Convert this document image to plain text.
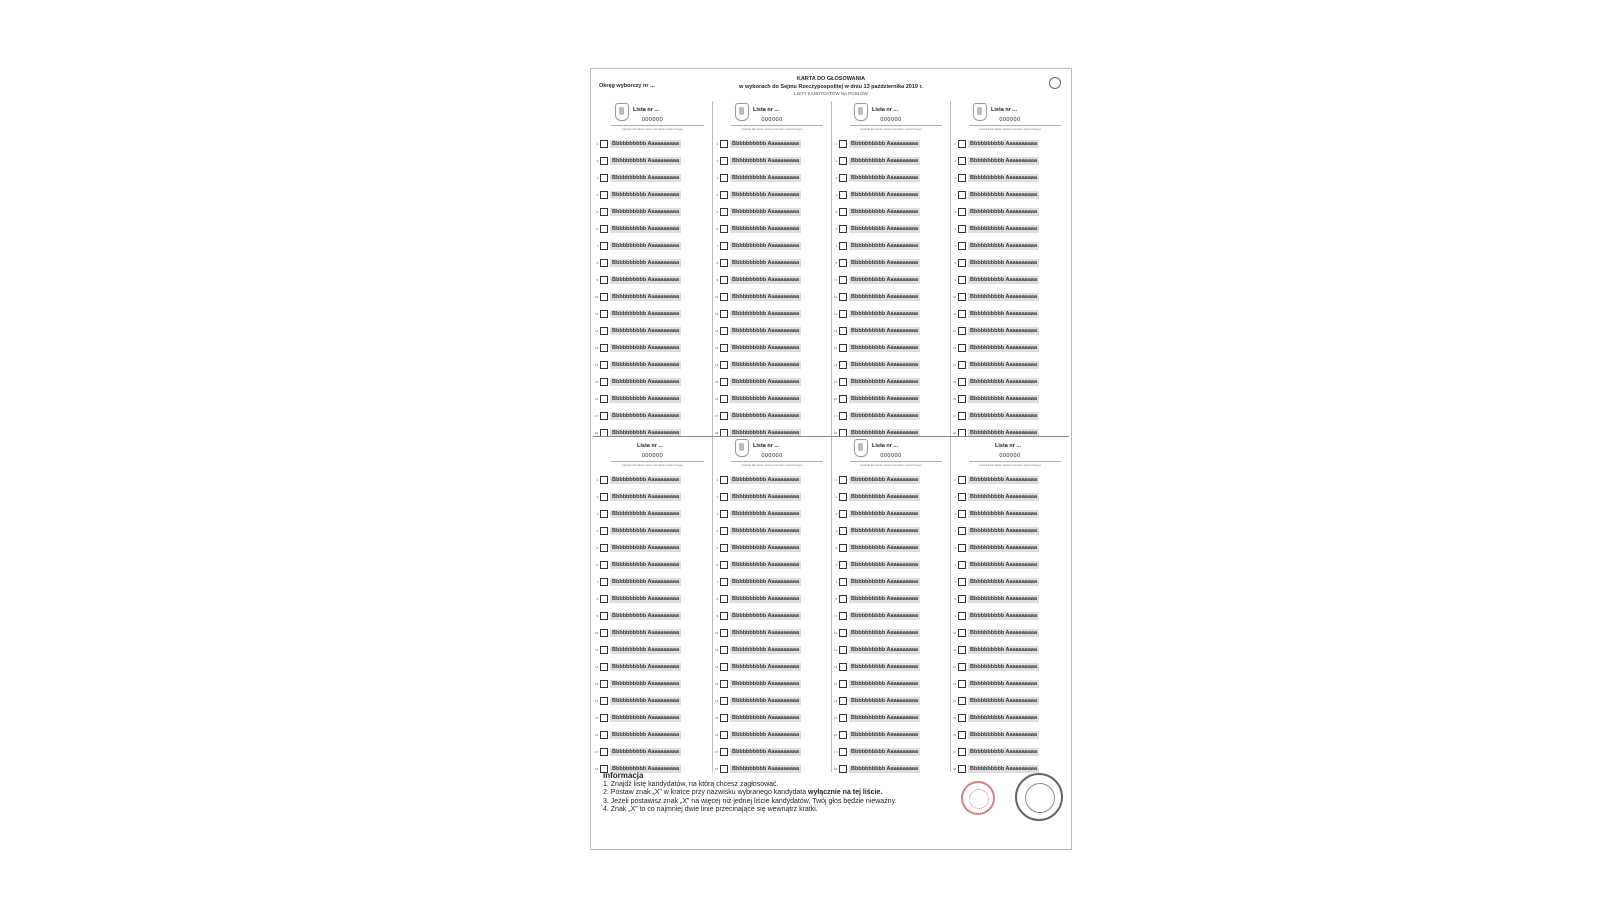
Okręg wyborczy nr ...
KARTA DO GŁOSOWANIA
w wyborach do Sejmu Rzeczypospolitej w dniu 13 października 2019 r.
LISTY KANDYDATÓW NA POSŁÓW
Lista nr ...
000000
(nazwa lub skrót nazwy komitetu wyborczego)
1.	Bbbbbbbbbb Aaaaaaaaaa
2.	Bbbbbbbbbb Aaaaaaaaaa
3.	Bbbbbbbbbb Aaaaaaaaaa
4.	Bbbbbbbbbb Aaaaaaaaaa
5.	Bbbbbbbbbb Aaaaaaaaaa
6.	Bbbbbbbbbb Aaaaaaaaaa
7.	Bbbbbbbbbb Aaaaaaaaaa
8.	Bbbbbbbbbb Aaaaaaaaaa
9.	Bbbbbbbbbb Aaaaaaaaaa
10.	Bbbbbbbbbb Aaaaaaaaaa
11.	Bbbbbbbbbb Aaaaaaaaaa
12.	Bbbbbbbbbb Aaaaaaaaaa
13.	Bbbbbbbbbb Aaaaaaaaaa
14.	Bbbbbbbbbb Aaaaaaaaaa
15.	Bbbbbbbbbb Aaaaaaaaaa
16.	Bbbbbbbbbb Aaaaaaaaaa
17.	Bbbbbbbbbb Aaaaaaaaaa
18.	Bbbbbbbbbb Aaaaaaaaaa
Lista nr ...
000000
(nazwa lub skrót nazwy komitetu wyborczego)
1.	Bbbbbbbbbb Aaaaaaaaaa
2.	Bbbbbbbbbb Aaaaaaaaaa
3.	Bbbbbbbbbb Aaaaaaaaaa
4.	Bbbbbbbbbb Aaaaaaaaaa
5.	Bbbbbbbbbb Aaaaaaaaaa
6.	Bbbbbbbbbb Aaaaaaaaaa
7.	Bbbbbbbbbb Aaaaaaaaaa
8.	Bbbbbbbbbb Aaaaaaaaaa
9.	Bbbbbbbbbb Aaaaaaaaaa
10.	Bbbbbbbbbb Aaaaaaaaaa
11.	Bbbbbbbbbb Aaaaaaaaaa
12.	Bbbbbbbbbb Aaaaaaaaaa
13.	Bbbbbbbbbb Aaaaaaaaaa
14.	Bbbbbbbbbb Aaaaaaaaaa
15.	Bbbbbbbbbb Aaaaaaaaaa
16.	Bbbbbbbbbb Aaaaaaaaaa
17.	Bbbbbbbbbb Aaaaaaaaaa
18.	Bbbbbbbbbb Aaaaaaaaaa
Lista nr ...
000000
(nazwa lub skrót nazwy komitetu wyborczego)
1.	Bbbbbbbbbb Aaaaaaaaaa
2.	Bbbbbbbbbb Aaaaaaaaaa
3.	Bbbbbbbbbb Aaaaaaaaaa
4.	Bbbbbbbbbb Aaaaaaaaaa
5.	Bbbbbbbbbb Aaaaaaaaaa
6.	Bbbbbbbbbb Aaaaaaaaaa
7.	Bbbbbbbbbb Aaaaaaaaaa
8.	Bbbbbbbbbb Aaaaaaaaaa
9.	Bbbbbbbbbb Aaaaaaaaaa
10.	Bbbbbbbbbb Aaaaaaaaaa
11.	Bbbbbbbbbb Aaaaaaaaaa
12.	Bbbbbbbbbb Aaaaaaaaaa
13.	Bbbbbbbbbb Aaaaaaaaaa
14.	Bbbbbbbbbb Aaaaaaaaaa
15.	Bbbbbbbbbb Aaaaaaaaaa
16.	Bbbbbbbbbb Aaaaaaaaaa
17.	Bbbbbbbbbb Aaaaaaaaaa
18.	Bbbbbbbbbb Aaaaaaaaaa
Lista nr ...
000000
(nazwa lub skrót nazwy komitetu wyborczego)
1.	Bbbbbbbbbb Aaaaaaaaaa
2.	Bbbbbbbbbb Aaaaaaaaaa
3.	Bbbbbbbbbb Aaaaaaaaaa
4.	Bbbbbbbbbb Aaaaaaaaaa
5.	Bbbbbbbbbb Aaaaaaaaaa
6.	Bbbbbbbbbb Aaaaaaaaaa
7.	Bbbbbbbbbb Aaaaaaaaaa
8.	Bbbbbbbbbb Aaaaaaaaaa
9.	Bbbbbbbbbb Aaaaaaaaaa
10.	Bbbbbbbbbb Aaaaaaaaaa
11.	Bbbbbbbbbb Aaaaaaaaaa
12.	Bbbbbbbbbb Aaaaaaaaaa
13.	Bbbbbbbbbb Aaaaaaaaaa
14.	Bbbbbbbbbb Aaaaaaaaaa
15.	Bbbbbbbbbb Aaaaaaaaaa
16.	Bbbbbbbbbb Aaaaaaaaaa
17.	Bbbbbbbbbb Aaaaaaaaaa
18.	Bbbbbbbbbb Aaaaaaaaaa
Lista nr ...
000000
(nazwa lub skrót nazwy komitetu wyborczego)
1.	Bbbbbbbbbb Aaaaaaaaaa
2.	Bbbbbbbbbb Aaaaaaaaaa
3.	Bbbbbbbbbb Aaaaaaaaaa
4.	Bbbbbbbbbb Aaaaaaaaaa
5.	Bbbbbbbbbb Aaaaaaaaaa
6.	Bbbbbbbbbb Aaaaaaaaaa
7.	Bbbbbbbbbb Aaaaaaaaaa
8.	Bbbbbbbbbb Aaaaaaaaaa
9.	Bbbbbbbbbb Aaaaaaaaaa
10.	Bbbbbbbbbb Aaaaaaaaaa
11.	Bbbbbbbbbb Aaaaaaaaaa
12.	Bbbbbbbbbb Aaaaaaaaaa
13.	Bbbbbbbbbb Aaaaaaaaaa
14.	Bbbbbbbbbb Aaaaaaaaaa
15.	Bbbbbbbbbb Aaaaaaaaaa
16.	Bbbbbbbbbb Aaaaaaaaaa
17.	Bbbbbbbbbb Aaaaaaaaaa
18.	Bbbbbbbbbb Aaaaaaaaaa
Lista nr ...
000000
(nazwa lub skrót nazwy komitetu wyborczego)
1.	Bbbbbbbbbb Aaaaaaaaaa
2.	Bbbbbbbbbb Aaaaaaaaaa
3.	Bbbbbbbbbb Aaaaaaaaaa
4.	Bbbbbbbbbb Aaaaaaaaaa
5.	Bbbbbbbbbb Aaaaaaaaaa
6.	Bbbbbbbbbb Aaaaaaaaaa
7.	Bbbbbbbbbb Aaaaaaaaaa
8.	Bbbbbbbbbb Aaaaaaaaaa
9.	Bbbbbbbbbb Aaaaaaaaaa
10.	Bbbbbbbbbb Aaaaaaaaaa
11.	Bbbbbbbbbb Aaaaaaaaaa
12.	Bbbbbbbbbb Aaaaaaaaaa
13.	Bbbbbbbbbb Aaaaaaaaaa
14.	Bbbbbbbbbb Aaaaaaaaaa
15.	Bbbbbbbbbb Aaaaaaaaaa
16.	Bbbbbbbbbb Aaaaaaaaaa
17.	Bbbbbbbbbb Aaaaaaaaaa
18.	Bbbbbbbbbb Aaaaaaaaaa
Lista nr ...
000000
(nazwa lub skrót nazwy komitetu wyborczego)
1.	Bbbbbbbbbb Aaaaaaaaaa
2.	Bbbbbbbbbb Aaaaaaaaaa
3.	Bbbbbbbbbb Aaaaaaaaaa
4.	Bbbbbbbbbb Aaaaaaaaaa
5.	Bbbbbbbbbb Aaaaaaaaaa
6.	Bbbbbbbbbb Aaaaaaaaaa
7.	Bbbbbbbbbb Aaaaaaaaaa
8.	Bbbbbbbbbb Aaaaaaaaaa
9.	Bbbbbbbbbb Aaaaaaaaaa
10.	Bbbbbbbbbb Aaaaaaaaaa
11.	Bbbbbbbbbb Aaaaaaaaaa
12.	Bbbbbbbbbb Aaaaaaaaaa
13.	Bbbbbbbbbb Aaaaaaaaaa
14.	Bbbbbbbbbb Aaaaaaaaaa
15.	Bbbbbbbbbb Aaaaaaaaaa
16.	Bbbbbbbbbb Aaaaaaaaaa
17.	Bbbbbbbbbb Aaaaaaaaaa
18.	Bbbbbbbbbb Aaaaaaaaaa
Lista nr ...
000000
(nazwa lub skrót nazwy komitetu wyborczego)
1.	Bbbbbbbbbb Aaaaaaaaaa
2.	Bbbbbbbbbb Aaaaaaaaaa
3.	Bbbbbbbbbb Aaaaaaaaaa
4.	Bbbbbbbbbb Aaaaaaaaaa
5.	Bbbbbbbbbb Aaaaaaaaaa
6.	Bbbbbbbbbb Aaaaaaaaaa
7.	Bbbbbbbbbb Aaaaaaaaaa
8.	Bbbbbbbbbb Aaaaaaaaaa
9.	Bbbbbbbbbb Aaaaaaaaaa
10.	Bbbbbbbbbb Aaaaaaaaaa
11.	Bbbbbbbbbb Aaaaaaaaaa
12.	Bbbbbbbbbb Aaaaaaaaaa
13.	Bbbbbbbbbb Aaaaaaaaaa
14.	Bbbbbbbbbb Aaaaaaaaaa
15.	Bbbbbbbbbb Aaaaaaaaaa
16.	Bbbbbbbbbb Aaaaaaaaaa
17.	Bbbbbbbbbb Aaaaaaaaaa
18.	Bbbbbbbbbb Aaaaaaaaaa
Informacja
1. Znajdź listę kandydatów, na którą chcesz zagłosować.
2. Postaw znak „X” w kratce przy nazwisku wybranego kandydata wyłącznie na tej liście.
3. Jeżeli postawisz znak „X” na więcej niż jednej liście kandydatów, Twój głos będzie nieważny.
4. Znak „X” to co najmniej dwie linie przecinające się wewnątrz kratki.
